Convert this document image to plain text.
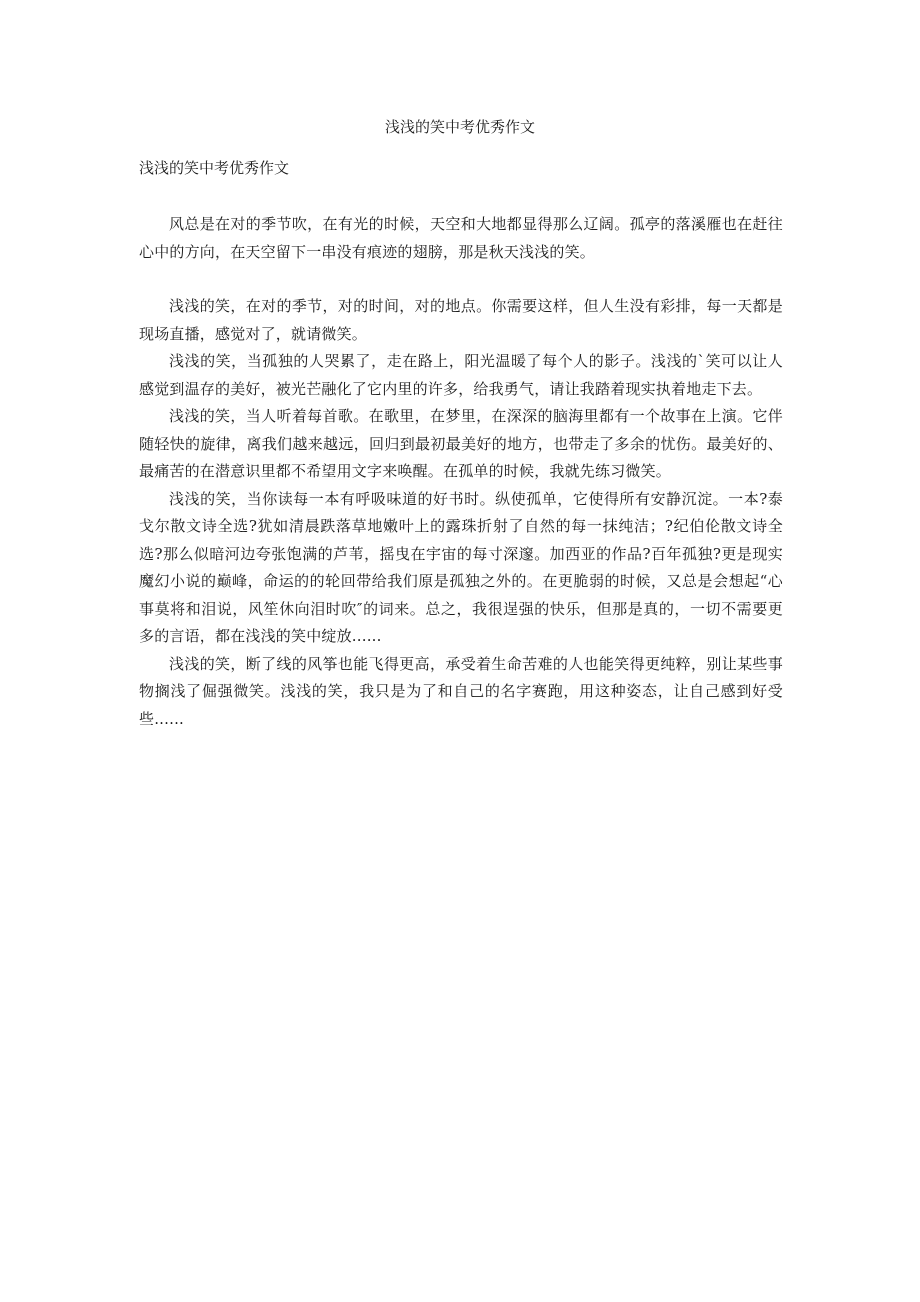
浅浅的笑中考优秀作文

浅浅的笑中考优秀作文

风总是在对的季节吹，在有光的时候，天空和大地都显得那么辽阔。孤亭的落溪雁也在赶往心中的方向，在天空留下一串没有痕迹的翅膀，那是秋天浅浅的笑。

浅浅的笑，在对的季节，对的时间，对的地点。你需要这样，但人生没有彩排，每一天都是现场直播，感觉对了，就请微笑。

浅浅的笑，当孤独的人哭累了，走在路上，阳光温暖了每个人的影子。浅浅的`笑可以让人感觉到温存的美好，被光芒融化了它内里的许多，给我勇气，请让我踏着现实执着地走下去。

浅浅的笑，当人听着每首歌。在歌里，在梦里，在深深的脑海里都有一个故事在上演。它伴随轻快的旋律，离我们越来越远，回归到最初最美好的地方，也带走了多余的忧伤。最美好的、最痛苦的在潜意识里都不希望用文字来唤醒。在孤单的时候，我就先练习微笑。

浅浅的笑，当你读每一本有呼吸味道的好书时。纵使孤单，它使得所有安静沉淀。一本?泰戈尔散文诗全选?犹如清晨跌落草地嫩叶上的露珠折射了自然的每一抹纯洁；?纪伯伦散文诗全选?那么似暗河边夸张饱满的芦苇，摇曳在宇宙的每寸深邃。加西亚的作品?百年孤独?更是现实魔幻小说的巅峰，命运的的轮回带给我们原是孤独之外的。在更脆弱的时候，又总是会想起“心事莫将和泪说，风笙休向泪时吹″的词来。总之，我很逞强的快乐，但那是真的，一切不需要更多的言语，都在浅浅的笑中绽放......

浅浅的笑，断了线的风筝也能飞得更高，承受着生命苦难的人也能笑得更纯粹，别让某些事物搁浅了倔强微笑。浅浅的笑，我只是为了和自己的名字赛跑，用这种姿态，让自己感到好受些......
